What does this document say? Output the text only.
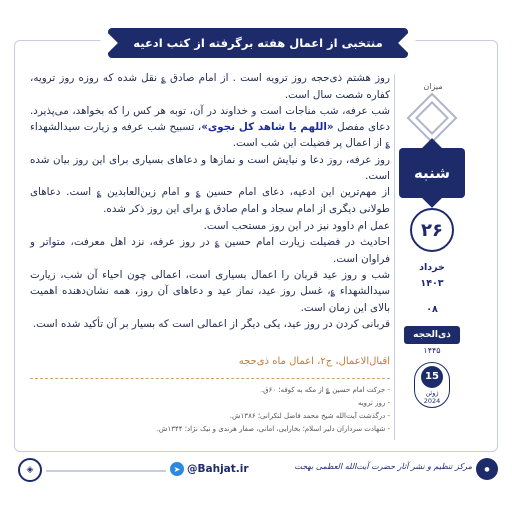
منتخبی از اعمال هفته برگرفته از کتب ادعیه

روز هشتم ذی‌حجه روز ترویه است . از امام صادق ؏ نقل شده که روزه روز ترویه، کفاره شصت سال است.

شب عرفه، شب مناجات است و خداوند در آن، توبه هر کس را که بخواهد، می‌پذیرد. دعای مفصل «اللهم یا شاهد کل نجوی»، تسبیح شب عرفه و زیارت سیدالشهداء ؏ از اعمال پر فضیلت این شب است.

روز عرفه، روز دعا و نیایش است و نمازها و دعاهای بسیاری برای این روز بیان شده است.

از مهم‌ترین این ادعیه، دعای امام حسین ؏ و امام زین‌العابدین ؏ است. دعاهای طولانی دیگری از امام سجاد و امام صادق ؏ برای این روز ذکر شده.

عمل ام داوود نیز در این روز مستحب است.

احادیث در فضیلت زیارت امام حسین ؏ در روز عرفه، نزد اهل معرفت، متواتر و فراوان است.

شب و روز عید قربان را اعمال بسیاری است، اعمالی چون احیاء آن شب، زیارت سیدالشهداء ؏، غسل روز عید، نماز عید و دعاهای آن روز، همه نشان‌دهنده اهمیت بالای این زمان است.

قربانی کردن در روز عید، یکی دیگر از اعمالی است که بسیار بر آن تأکید شده است.

اقبال‌الاعمال، ج۲، اعمال ماه ذی‌حجه
- حرکت امام حسین ؏ از مکه به کوفه؛ ۶۰ق.
- روز ترویه
- درگذشت آیت‌الله شیخ محمد فاضل لنکرانی؛ ۱۳۸۶ش.
- شهادت سرداران دلیر اسلام؛ بخارایی، امانی، صفار هرندی و نیک نژاد؛ ۱۳۴۴ش.
میزان
شنبه
۲۶
خرداد
۱۴۰۳
۰۸
ذی‌الحجه
۱۴۴۵
15
ژوئن
2024
◈	➤ @Bahjat.ir	مرکز تنظیم و نشر آثار حضرت آیت‌الله العظمی بهجت	●
